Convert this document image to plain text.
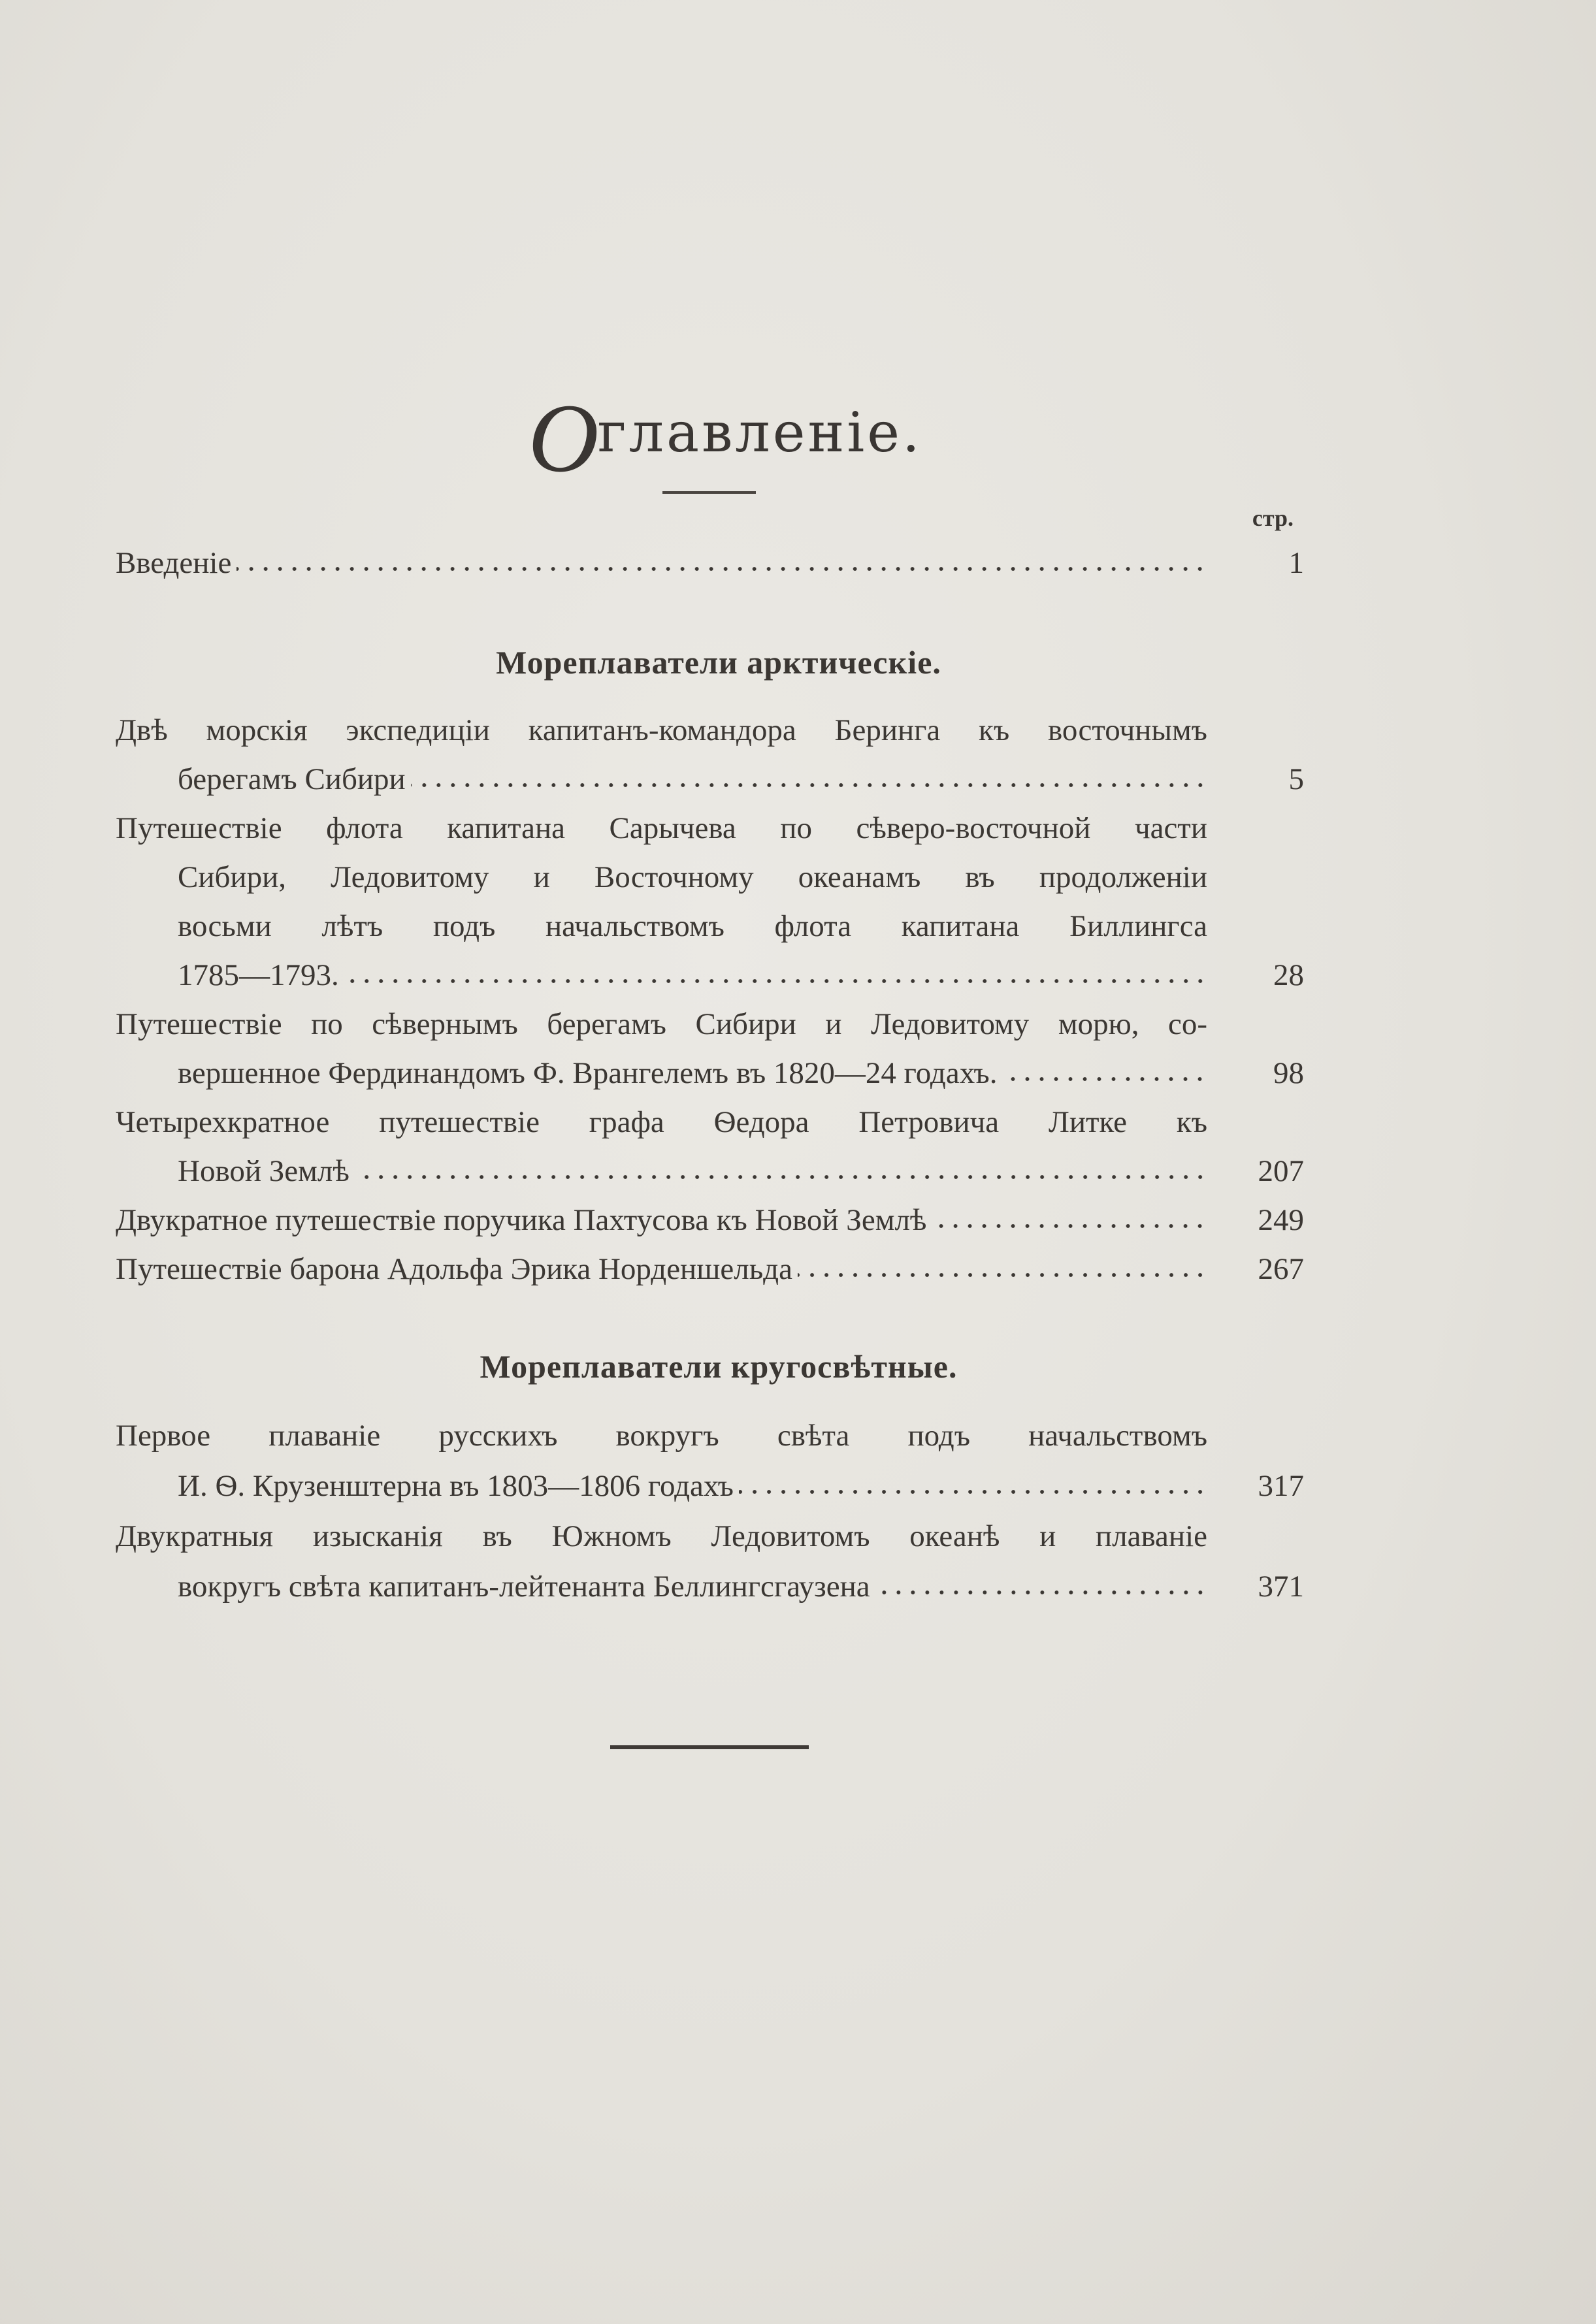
Оглавленіе.
стр.
Мореплаватели арктическіе.
Мореплаватели кругосвѣтные.
1
Введеніе
Двѣ морскія экспедиціи капитанъ-командора Беринга къ восточнымъ
5
берегамъ Сибири
Путешествіе флота капитана Сарычева по сѣверо-восточной части
Сибири, Ледовитому и Восточному океанамъ въ продолженіи
восьми лѣтъ подъ начальствомъ флота капитана Биллингса
28
1785—1793.
Путешествіе по сѣвернымъ берегамъ Сибири и Ледовитому морю, со-
98
вершенное Фердинандомъ Ф. Врангелемъ въ 1820—24 годахъ.
Четырехкратное путешествіе графа Ѳедора Петровича Литке къ
207
Новой Землѣ
249
Двукратное путешествіе поручика Пахтусова къ Новой Землѣ
267
Путешествіе барона Адольфа Эрика Норденшельда
Первое плаваніе русскихъ вокругъ свѣта подъ начальствомъ
317
И. Ѳ. Крузенштерна въ 1803—1806 годахъ
Двукратныя изысканія въ Южномъ Ледовитомъ океанѣ и плаваніе
371
вокругъ свѣта капитанъ-лейтенанта Беллингсгаузена
